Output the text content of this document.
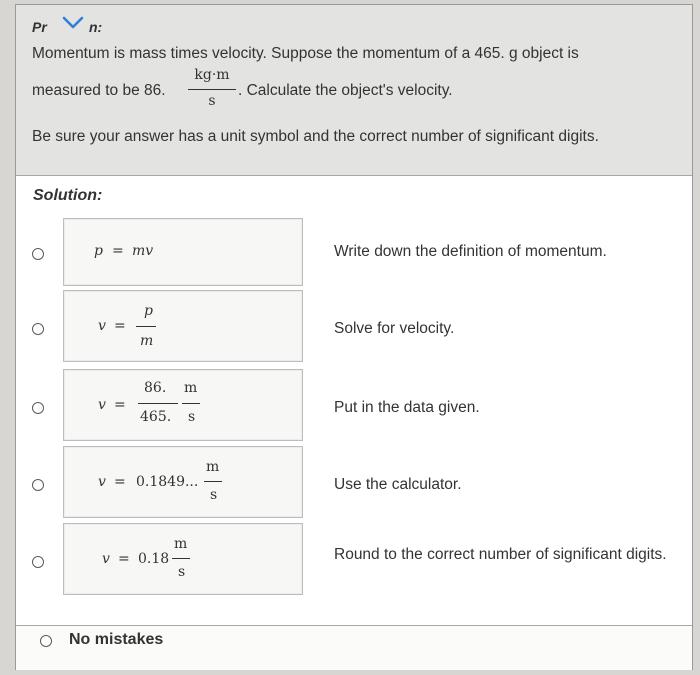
Pr	n:
Momentum is mass times velocity. Suppose the momentum of a 465. g object is
measured to be 86.
kg·m
s
. Calculate the object's velocity.
Be sure your answer has a unit symbol and the correct number of significant digits.
Solution:
p = mv	Write down the definition of momentum.
v =
p
m
Solve for velocity.
v =
86.
465.
m
s
Put in the data given.
v = 0.1849...
m
s
Use the calculator.
v = 0.18
m
s
Round to the correct number of significant digits.
No mistakes
